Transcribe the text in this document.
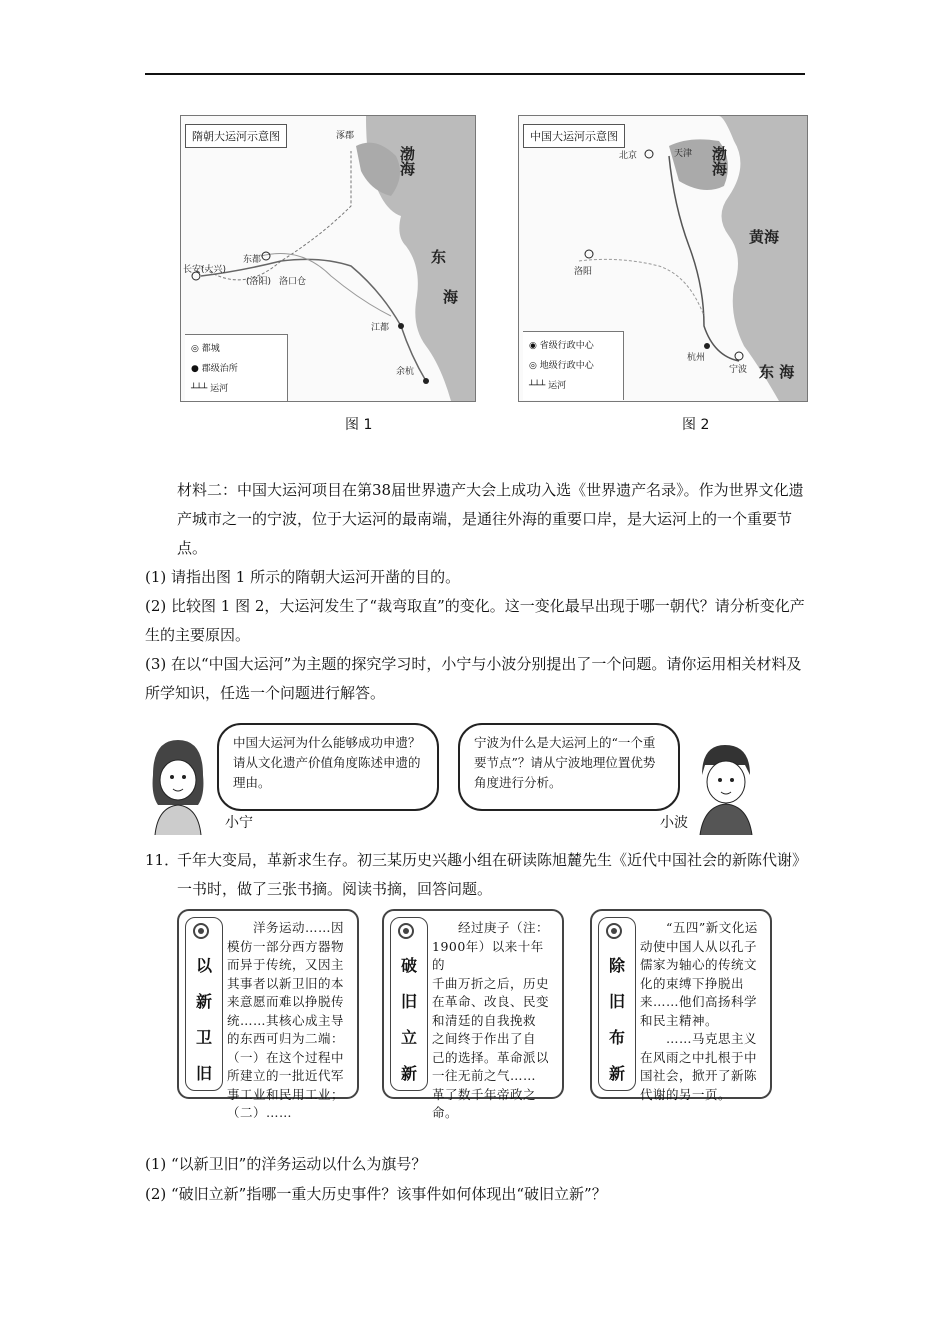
隋朝大运河示意图	涿郡
长安(大兴)
东都
(洛阳) 洛口仓
江都
余杭
渤海
东
海
◎ 都城
● 郡级治所
┴┴┴ 运河
图 1
中国大运河示意图
北京	天津
洛阳
杭州
宁波
渤海
黄海
东 海
◉ 省级行政中心
◎ 地级行政中心
┴┴┴ 运河
图 2
材料二：中国大运河项目在第38届世界遗产大会上成功入选《世界遗产名录》。作为世界文化遗产城市之一的宁波，位于大运河的最南端，是通往外海的重要口岸，是大运河上的一个重要节点。
(1) 请指出图 1 所示的隋朝大运河开凿的目的。
(2) 比较图 1 图 2，大运河发生了“裁弯取直”的变化。这一变化最早出现于哪一朝代？请分析变化产生的主要原因。
(3) 在以“中国大运河”为主题的探究学习时，小宁与小波分别提出了一个问题。请你运用相关材料及所学知识，任选一个问题进行解答。
中国大运河为什么能够成功申遗？请从文化遗产价值角度陈述申遗的理由。
小宁
宁波为什么是大运河上的“一个重要节点”？请从宁波地理位置优势角度进行分析。
小波
11．
千年大变局，革新求生存。初三某历史兴趣小组在研读陈旭麓先生《近代中国社会的新陈代谢》一书时，做了三张书摘。阅读书摘，回答问题。
以
新
卫
旧
　　洋务运动……因
模仿一部分西方器物
而异于传统，又因主
其事者以新卫旧的本
来意愿而难以挣脱传
统……其核心成主导
的东西可归为二端：
（一）在这个过程中
所建立的一批近代军
事工业和民用工业；
（二）……
破
旧
立
新
　　经过庚子（注：
1900年）以来十年的
千曲万折之后，历史
在革命、改良、民变
和清廷的自我挽救
之间终于作出了自
己的选择。革命派以
一往无前之气……
革了数千年帝政之
命。
除
旧
布
新
　　“五四”新文化运
动使中国人从以孔子
儒家为轴心的传统文
化的束缚下挣脱出
来……他们高扬科学
和民主精神。
　　……马克思主义
在风雨之中扎根于中
国社会，掀开了新陈
代谢的另一页。
(1) “以新卫旧”的洋务运动以什么为旗号？
(2) “破旧立新”指哪一重大历史事件？该事件如何体现出“破旧立新”？
